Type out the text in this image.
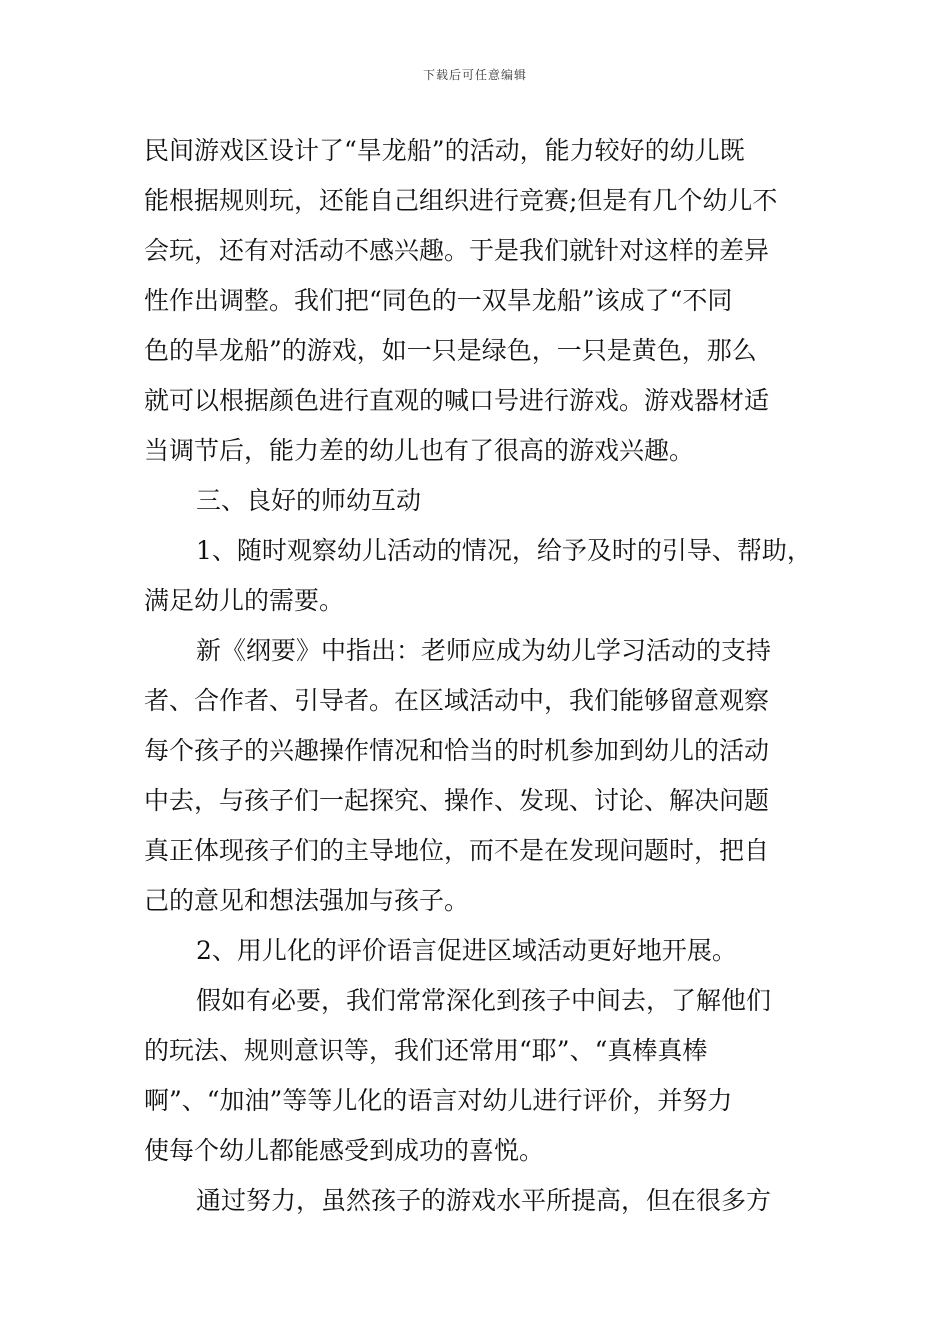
下载后可任意编辑
民间游戏区设计了“旱龙船”的活动，能力较好的幼儿既
能根据规则玩，还能自己组织进行竞赛;但是有几个幼儿不
会玩，还有对活动不感兴趣。于是我们就针对这样的差异
性作出调整。我们把“同色的一双旱龙船”该成了“不同
色的旱龙船”的游戏，如一只是绿色，一只是黄色，那么
就可以根据颜色进行直观的喊口号进行游戏。游戏器材适
当调节后，能力差的幼儿也有了很高的游戏兴趣。
三、良好的师幼互动
1、随时观察幼儿活动的情况，给予及时的引导、帮助，
满足幼儿的需要。
新《纲要》中指出：老师应成为幼儿学习活动的支持
者、合作者、引导者。在区域活动中，我们能够留意观察
每个孩子的兴趣操作情况和恰当的时机参加到幼儿的活动
中去，与孩子们一起探究、操作、发现、讨论、解决问题
真正体现孩子们的主导地位，而不是在发现问题时，把自
己的意见和想法强加与孩子。
2、用儿化的评价语言促进区域活动更好地开展。
假如有必要，我们常常深化到孩子中间去，了解他们
的玩法、规则意识等，我们还常用“耶”、“真棒真棒
啊”、“加油”等等儿化的语言对幼儿进行评价，并努力
使每个幼儿都能感受到成功的喜悦。
通过努力，虽然孩子的游戏水平所提高，但在很多方
